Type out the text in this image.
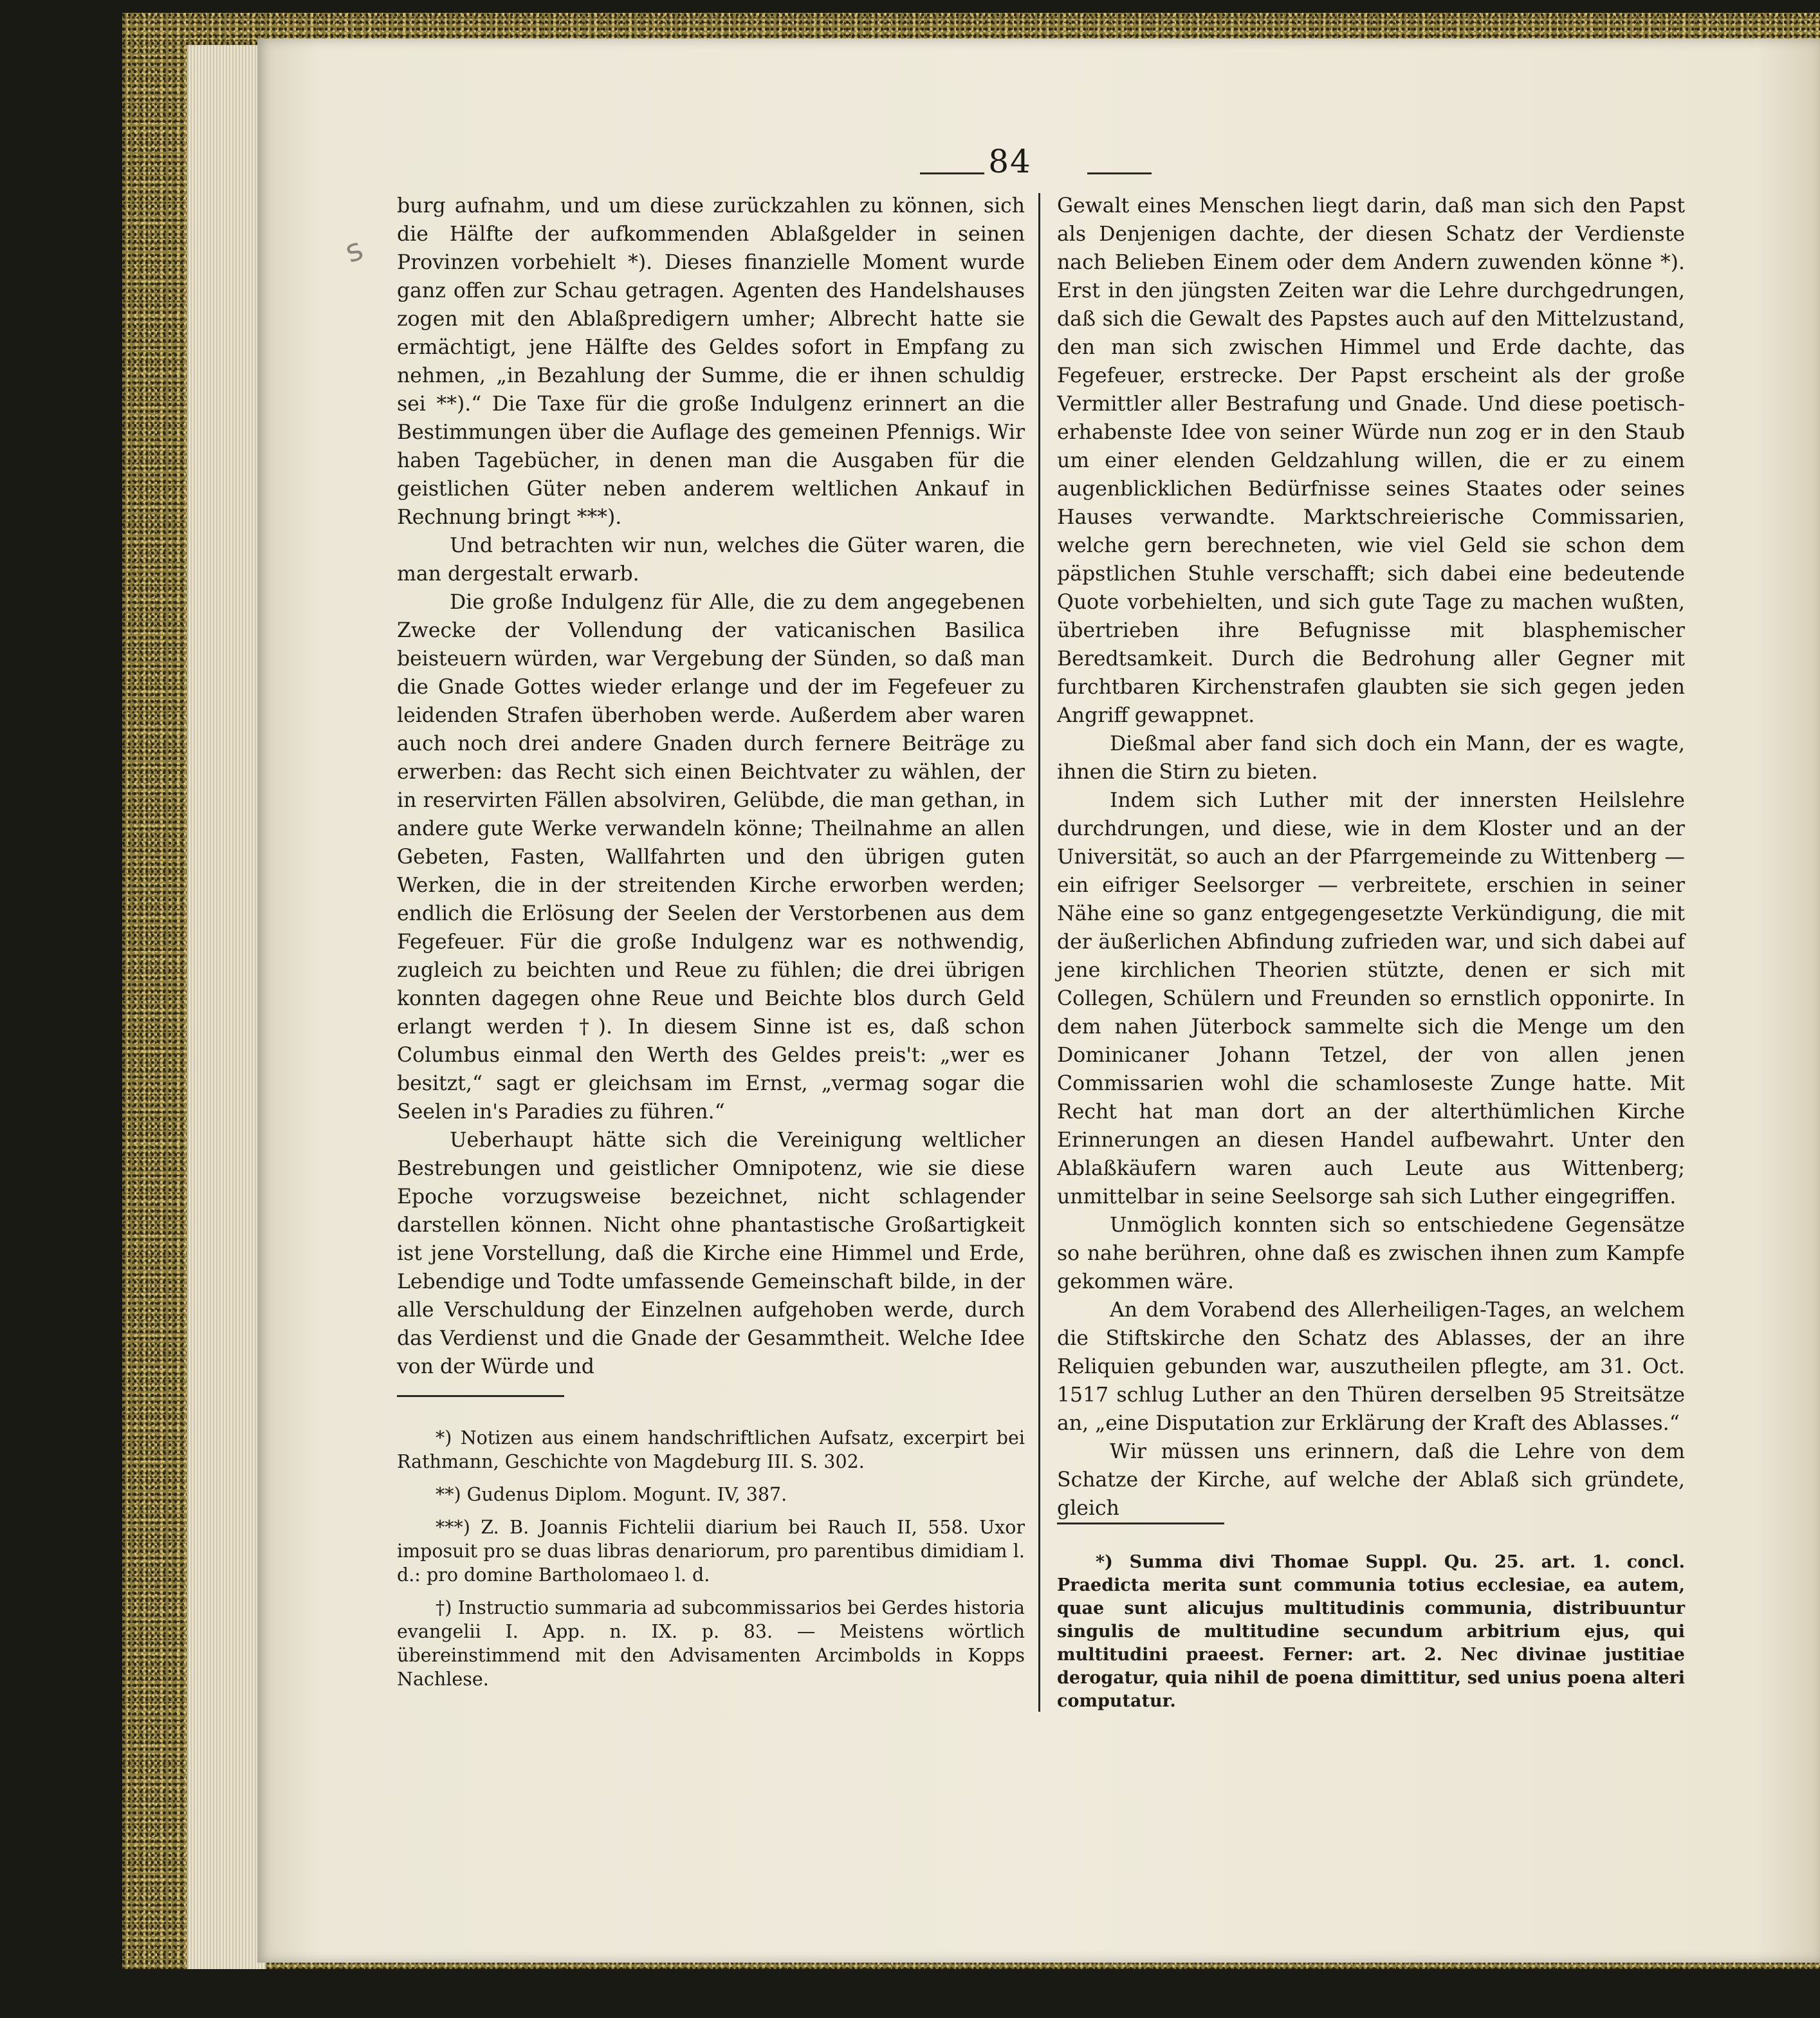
s
84

burg aufnahm, und um diese zurückzahlen zu können, sich die Hälfte der aufkommenden Ablaßgelder in seinen Provinzen vorbehielt *). Dieses finanzielle Moment wurde ganz offen zur Schau getragen. Agenten des Handelshauses zogen mit den Ablaßpredigern umher; Albrecht hatte sie ermächtigt, jene Hälfte des Geldes sofort in Empfang zu nehmen, „in Bezahlung der Summe, die er ihnen schuldig sei **).“ Die Taxe für die große Indulgenz erinnert an die Bestimmungen über die Auflage des gemeinen Pfennigs. Wir haben Tagebücher, in denen man die Ausgaben für die geistlichen Güter neben anderem weltlichen Ankauf in Rechnung bringt ***).

Und betrachten wir nun, welches die Güter waren, die man dergestalt erwarb.

Die große Indulgenz für Alle, die zu dem angegebenen Zwecke der Vollendung der vaticanischen Basilica beisteuern würden, war Vergebung der Sünden, so daß man die Gnade Gottes wieder erlange und der im Fegefeuer zu leidenden Strafen überhoben werde. Außerdem aber waren auch noch drei andere Gnaden durch fernere Beiträge zu erwerben: das Recht sich einen Beichtvater zu wählen, der in reservirten Fällen absolviren, Gelübde, die man gethan, in andere gute Werke verwandeln könne; Theilnahme an allen Gebeten, Fasten, Wallfahrten und den übrigen guten Werken, die in der streitenden Kirche erworben werden; endlich die Erlösung der Seelen der Verstorbenen aus dem Fegefeuer. Für die große Indulgenz war es nothwendig, zugleich zu beichten und Reue zu fühlen; die drei übrigen konnten dagegen ohne Reue und Beichte blos durch Geld erlangt werden †). In diesem Sinne ist es, daß schon Columbus einmal den Werth des Geldes preis't: „wer es besitzt,“ sagt er gleichsam im Ernst, „vermag sogar die Seelen in's Paradies zu führen.“

Ueberhaupt hätte sich die Vereinigung weltlicher Bestrebungen und geistlicher Omnipotenz, wie sie diese Epoche vorzugsweise bezeichnet, nicht schlagender darstellen können. Nicht ohne phantastische Großartigkeit ist jene Vorstellung, daß die Kirche eine Himmel und Erde, Lebendige und Todte umfassende Gemeinschaft bilde, in der alle Verschuldung der Einzelnen aufgehoben werde, durch das Verdienst und die Gnade der Gesammtheit. Welche Idee von der Würde und

Gewalt eines Menschen liegt darin, daß man sich den Papst als Denjenigen dachte, der diesen Schatz der Verdienste nach Belieben Einem oder dem Andern zuwenden könne *). Erst in den jüngsten Zeiten war die Lehre durchgedrungen, daß sich die Gewalt des Papstes auch auf den Mittelzustand, den man sich zwischen Himmel und Erde dachte, das Fegefeuer, erstrecke. Der Papst erscheint als der große Vermittler aller Bestrafung und Gnade. Und diese poetisch-erhabenste Idee von seiner Würde nun zog er in den Staub um einer elenden Geldzahlung willen, die er zu einem augenblicklichen Bedürfnisse seines Staates oder seines Hauses verwandte. Marktschreierische Commissarien, welche gern berechneten, wie viel Geld sie schon dem päpstlichen Stuhle verschafft; sich dabei eine bedeutende Quote vorbehielten, und sich gute Tage zu machen wußten, übertrieben ihre Befugnisse mit blasphemischer Beredtsamkeit. Durch die Bedrohung aller Gegner mit furchtbaren Kirchenstrafen glaubten sie sich gegen jeden Angriff gewappnet.

Dießmal aber fand sich doch ein Mann, der es wagte, ihnen die Stirn zu bieten.

Indem sich Luther mit der innersten Heilslehre durchdrungen, und diese, wie in dem Kloster und an der Universität, so auch an der Pfarrgemeinde zu Wittenberg — ein eifriger Seelsorger — verbreitete, erschien in seiner Nähe eine so ganz entgegengesetzte Verkündigung, die mit der äußerlichen Abfindung zufrieden war, und sich dabei auf jene kirchlichen Theorien stützte, denen er sich mit Collegen, Schülern und Freunden so ernstlich opponirte. In dem nahen Jüterbock sammelte sich die Menge um den Dominicaner Johann Tetzel, der von allen jenen Commissarien wohl die schamloseste Zunge hatte. Mit Recht hat man dort an der alterthümlichen Kirche Erinnerungen an diesen Handel aufbewahrt. Unter den Ablaßkäufern waren auch Leute aus Wittenberg; unmittelbar in seine Seelsorge sah sich Luther eingegriffen.

Unmöglich konnten sich so entschiedene Gegensätze so nahe berühren, ohne daß es zwischen ihnen zum Kampfe gekommen wäre.

An dem Vorabend des Allerheiligen-Tages, an welchem die Stiftskirche den Schatz des Ablasses, der an ihre Reliquien gebunden war, auszutheilen pflegte, am 31. Oct. 1517 schlug Luther an den Thüren derselben 95 Streitsätze an, „eine Disputation zur Erklärung der Kraft des Ablasses.“

Wir müssen uns erinnern, daß die Lehre von dem Schatze der Kirche, auf welche der Ablaß sich gründete, gleich

*) Notizen aus einem handschriftlichen Aufsatz, excerpirt bei Rathmann, Geschichte von Magdeburg III. S. 302.

**) Gudenus Diplom. Mogunt. IV, 387.

***) Z. B. Joannis Fichtelii diarium bei Rauch II, 558. Uxor imposuit pro se duas libras denariorum, pro parentibus dimidiam l. d.: pro domine Bartholomaeo l. d.

†) Instructio summaria ad subcommissarios bei Gerdes historia evangelii I. App. n. IX. p. 83. — Meistens wörtlich übereinstimmend mit den Advisamenten Arcimbolds in Kopps Nachlese.

*) Summa divi Thomae Suppl. Qu. 25. art. 1. concl. Praedicta merita sunt communia totius ecclesiae, ea autem, quae sunt alicujus multitudinis communia, distribuuntur singulis de multitudine secundum arbitrium ejus, qui multitudini praeest. Ferner: art. 2. Nec divinae justitiae derogatur, quia nihil de poena dimittitur, sed unius poena alteri computatur.
